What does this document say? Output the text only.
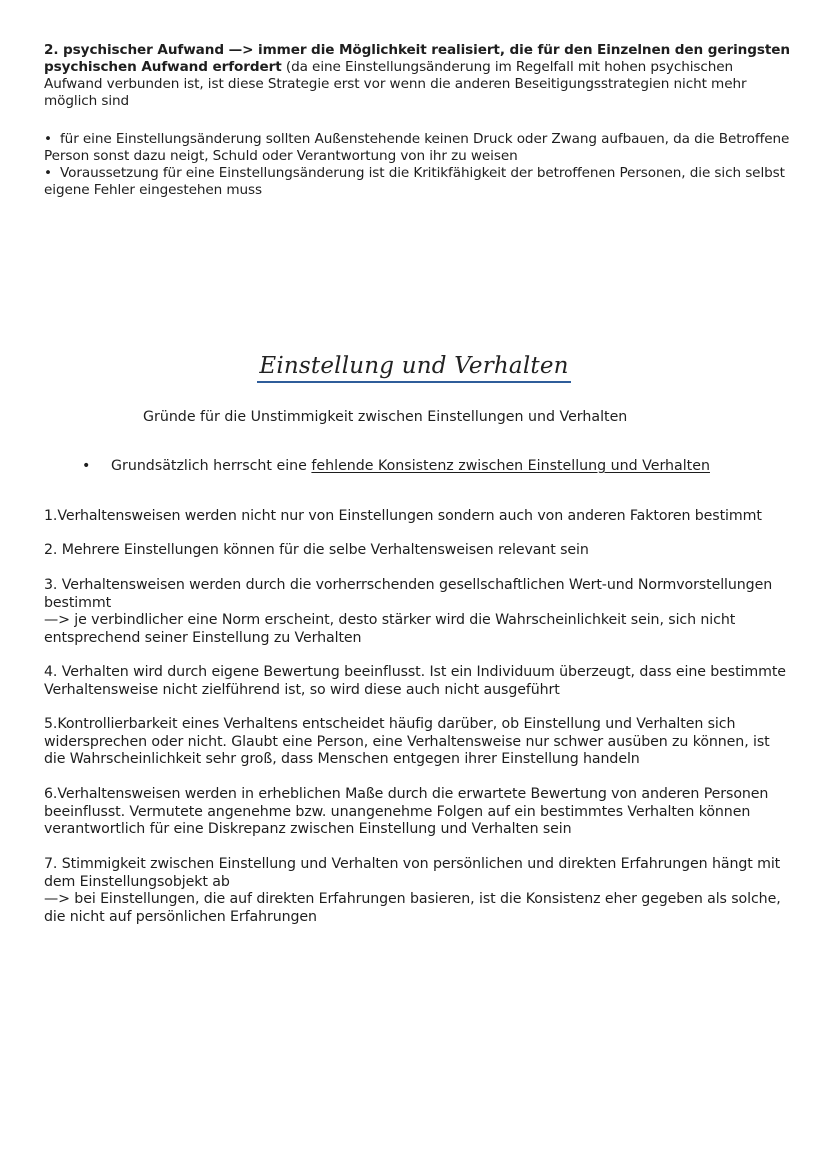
2. psychischer Aufwand —> immer die Möglichkeit realisiert, die für den Einzelnen den geringsten psychischen Aufwand erfordert (da eine Einstellungsänderung im Regelfall mit hohen psychischen Aufwand verbunden ist, ist diese Strategie erst vor wenn die anderen Beseitigungsstrategien nicht mehr möglich sind

• für eine Einstellungsänderung sollten Außenstehende keinen Druck oder Zwang aufbauen, da die Betroffene Person sonst dazu neigt, Schuld oder Verantwortung von ihr zu weisen

• Voraussetzung für eine Einstellungsänderung ist die Kritikfähigkeit der betroffenen Personen, die sich selbst eigene Fehler eingestehen muss

Einstellung und Verhalten
Gründe für die Unstimmigkeit zwischen Einstellungen und Verhalten
• Grundsätzlich herrscht eine fehlende Konsistenz zwischen Einstellung und Verhalten

1.Verhaltensweisen werden nicht nur von Einstellungen sondern auch von anderen Faktoren bestimmt

2. Mehrere Einstellungen können für die selbe Verhaltensweisen relevant sein

3. Verhaltensweisen werden durch die vorherrschenden gesellschaftlichen Wert-und Normvorstellungen bestimmt

—> je verbindlicher eine Norm erscheint, desto stärker wird die Wahrscheinlichkeit sein, sich nicht entsprechend seiner Einstellung zu Verhalten

4. Verhalten wird durch eigene Bewertung beeinflusst. Ist ein Individuum überzeugt, dass eine bestimmte Verhaltensweise nicht zielführend ist, so wird diese auch nicht ausgeführt

5.Kontrollierbarkeit eines Verhaltens entscheidet häufig darüber, ob Einstellung und Verhalten sich widersprechen oder nicht. Glaubt eine Person, eine Verhaltensweise nur schwer ausüben zu können, ist die Wahrscheinlichkeit sehr groß, dass Menschen entgegen ihrer Einstellung handeln

6.Verhaltensweisen werden in erheblichen Maße durch die erwartete Bewertung von anderen Personen beeinflusst. Vermutete angenehme bzw. unangenehme Folgen auf ein bestimmtes Verhalten können verantwortlich für eine Diskrepanz zwischen Einstellung und Verhalten sein

7. Stimmigkeit zwischen Einstellung und Verhalten von persönlichen und direkten Erfahrungen hängt mit dem Einstellungsobjekt ab

—> bei Einstellungen, die auf direkten Erfahrungen basieren, ist die Konsistenz eher gegeben als solche, die nicht auf persönlichen Erfahrungen
